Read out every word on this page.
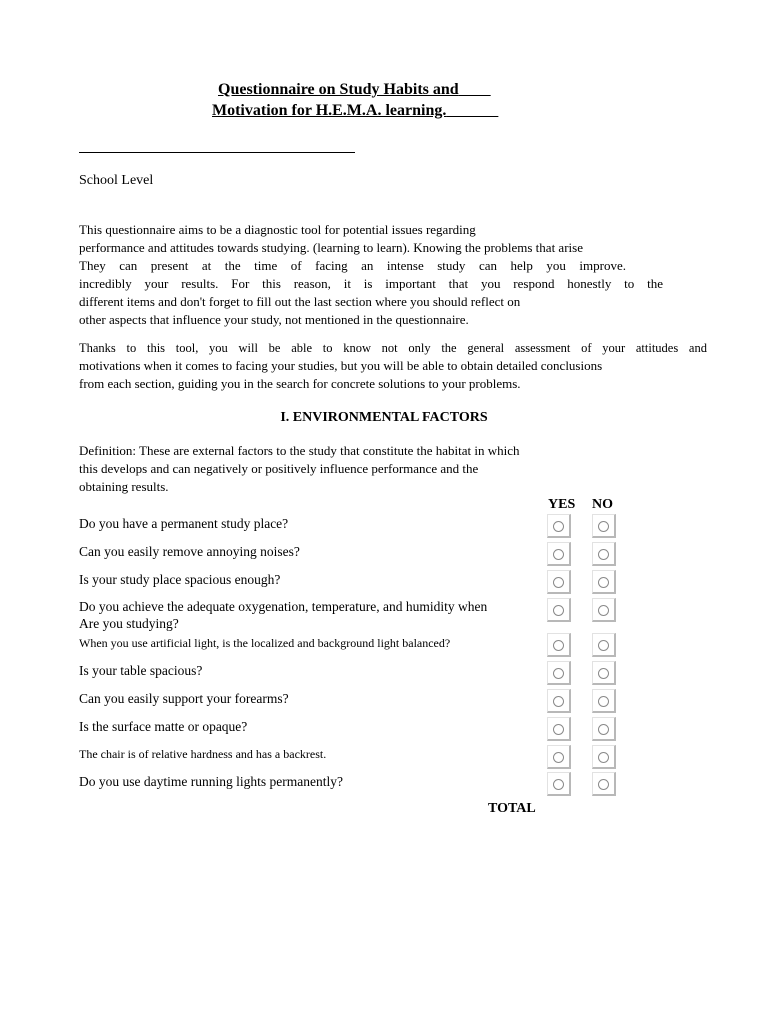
Questionnaire on Study Habits and
Motivation for H.E.M.A. learning.
School Level
This questionnaire aims to be a diagnostic tool for potential issues regarding
performance and attitudes towards studying. (learning to learn). Knowing the problems that arise
They can present at the time of facing an intense study can help you improve.
incredibly your results. For this reason, it is important that you respond honestly to the
different items and don't forget to fill out the last section where you should reflect on
other aspects that influence your study, not mentioned in the questionnaire.
Thanks to this tool, you will be able to know not only the general assessment of your attitudes and
motivations when it comes to facing your studies, but you will be able to obtain detailed conclusions
from each section, guiding you in the search for concrete solutions to your problems.
I. ENVIRONMENTAL FACTORS
Definition: These are external factors to the study that constitute the habitat in which
this develops and can negatively or positively influence performance and the
obtaining results.
YES NO
Do you have a permanent study place?
Can you easily remove annoying noises?
Is your study place spacious enough?
Do you achieve the adequate oxygenation, temperature, and humidity when
Are you studying?
When you use artificial light, is the localized and background light balanced?
Is your table spacious?
Can you easily support your forearms?
Is the surface matte or opaque?
The chair is of relative hardness and has a backrest.
Do you use daytime running lights permanently?
TOTAL
